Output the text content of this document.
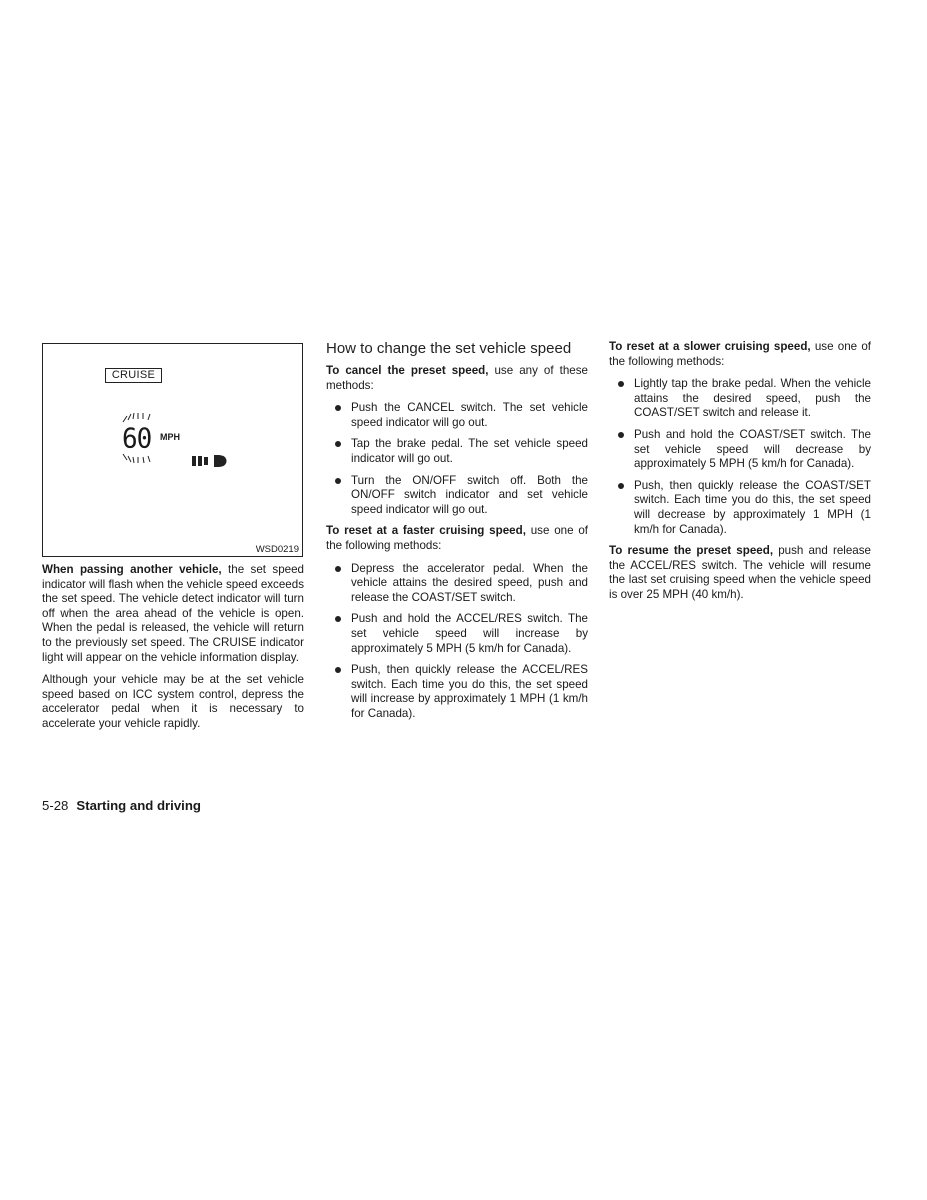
CRUISE
60 MPH
WSD0219

When passing another vehicle, the set speed indicator will flash when the vehicle speed exceeds the set speed. The vehicle detect indicator will turn off when the area ahead of the vehicle is open. When the pedal is released, the vehicle will return to the previously set speed. The CRUISE indicator light will appear on the vehicle information display.

Although your vehicle may be at the set vehicle speed based on ICC system control, depress the accelerator pedal when it is necessary to accelerate your vehicle rapidly.

How to change the set vehicle speed

To cancel the preset speed, use any of these methods:

Push the CANCEL switch. The set vehicle speed indicator will go out.
Tap the brake pedal. The set vehicle speed indicator will go out.
Turn the ON/OFF switch off. Both the ON/OFF switch indicator and set vehicle speed indicator will go out.

To reset at a faster cruising speed, use one of the following methods:

Depress the accelerator pedal. When the vehicle attains the desired speed, push and release the COAST/SET switch.
Push and hold the ACCEL/RES switch. The set vehicle speed will increase by approximately 5 MPH (5 km/h for Canada).
Push, then quickly release the ACCEL/RES switch. Each time you do this, the set speed will increase by approximately 1 MPH (1 km/h for Canada).

To reset at a slower cruising speed, use one of the following methods:

Lightly tap the brake pedal. When the vehicle attains the desired speed, push the COAST/SET switch and release it.
Push and hold the COAST/SET switch. The set vehicle speed will decrease by approximately 5 MPH (5 km/h for Canada).
Push, then quickly release the COAST/SET switch. Each time you do this, the set speed will decrease by approximately 1 MPH (1 km/h for Canada).

To resume the preset speed, push and release the ACCEL/RES switch. The vehicle will resume the last set cruising speed when the vehicle speed is over 25 MPH (40 km/h).

5-28 Starting and driving
